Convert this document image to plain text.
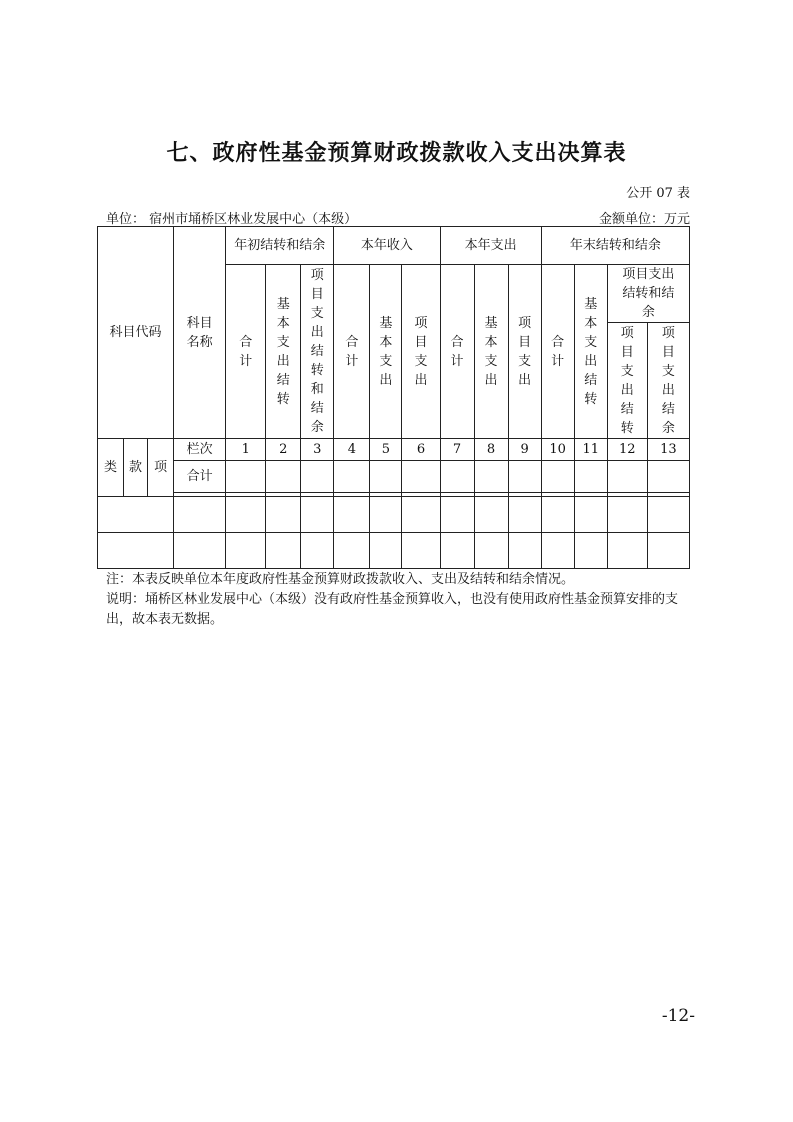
七、政府性基金预算财政拨款收入支出决算表
公开 07 表
单位： 宿州市埇桥区林业发展中心（本级）	金额单位：万元
科目代码			科目名称	年初结转和结余			本年收入			本年支出			年末结转和结余			
				合计	基本支出结转	项目支出结转和结余	合计	基本支出	项目支出	合计	基本支出	项目支出	合计	基本支出结转	项目支出结转和结余	
															项目支出结转	项目支出结余
类	款	项	栏次	1	2	3	4	5	6	7	8	9	10	11	12	13
			合计													

注：本表反映单位本年度政府性基金预算财政拨款收入、支出及结转和结余情况。
说明：埇桥区林业发展中心（本级）没有政府性基金预算收入，也没有使用政府性基金预算安排的支出，故本表无数据。
-12-
